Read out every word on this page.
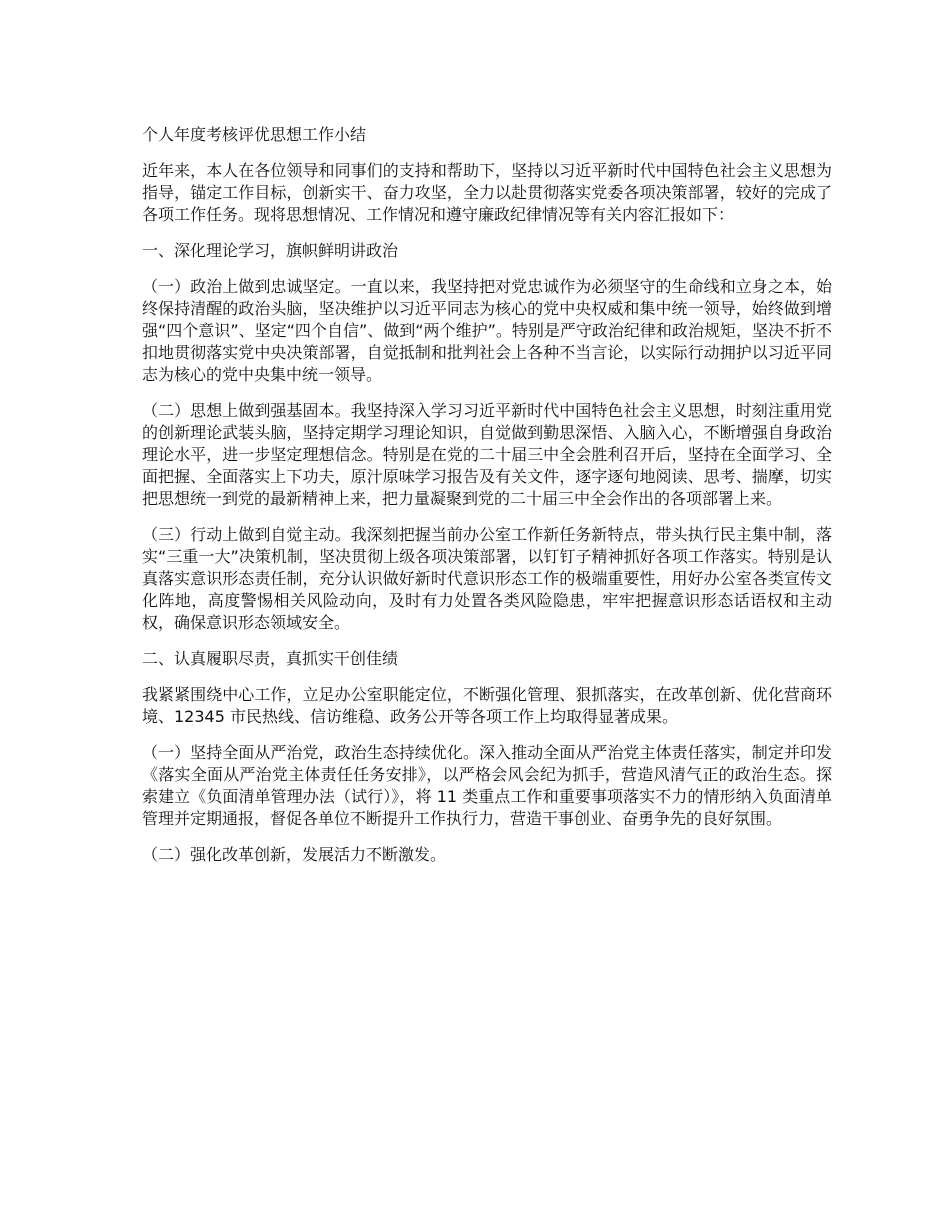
个人年度考核评优思想工作小结

近年来，本人在各位领导和同事们的支持和帮助下，坚持以习近平新时代中国特色社会主义思想为指导，锚定工作目标，创新实干、奋力攻坚，全力以赴贯彻落实党委各项决策部署，较好的完成了各项工作任务。现将思想情况、工作情况和遵守廉政纪律情况等有关内容汇报如下：

一、深化理论学习，旗帜鲜明讲政治

（一）政治上做到忠诚坚定。一直以来，我坚持把对党忠诚作为必须坚守的生命线和立身之本，始终保持清醒的政治头脑，坚决维护以习近平同志为核心的党中央权威和集中统一领导，始终做到增强“四个意识”、坚定“四个自信”、做到“两个维护”。特别是严守政治纪律和政治规矩，坚决不折不扣地贯彻落实党中央决策部署，自觉抵制和批判社会上各种不当言论，以实际行动拥护以习近平同志为核心的党中央集中统一领导。

（二）思想上做到强基固本。我坚持深入学习习近平新时代中国特色社会主义思想，时刻注重用党的创新理论武装头脑，坚持定期学习理论知识，自觉做到勤思深悟、入脑入心，不断增强自身政治理论水平，进一步坚定理想信念。特别是在党的二十届三中全会胜利召开后，坚持在全面学习、全面把握、全面落实上下功夫，原汁原味学习报告及有关文件，逐字逐句地阅读、思考、揣摩，切实把思想统一到党的最新精神上来，把力量凝聚到党的二十届三中全会作出的各项部署上来。

（三）行动上做到自觉主动。我深刻把握当前办公室工作新任务新特点，带头执行民主集中制，落实“三重一大”决策机制，坚决贯彻上级各项决策部署，以钉钉子精神抓好各项工作落实。特别是认真落实意识形态责任制，充分认识做好新时代意识形态工作的极端重要性，用好办公室各类宣传文化阵地，高度警惕相关风险动向，及时有力处置各类风险隐患，牢牢把握意识形态话语权和主动权，确保意识形态领域安全。

二、认真履职尽责，真抓实干创佳绩

我紧紧围绕中心工作，立足办公室职能定位，不断强化管理、狠抓落实，在改革创新、优化营商环境、12345 市民热线、信访维稳、政务公开等各项工作上均取得显著成果。

（一）坚持全面从严治党，政治生态持续优化。深入推动全面从严治党主体责任落实，制定并印发《落实全面从严治党主体责任任务安排》，以严格会风会纪为抓手，营造风清气正的政治生态。探索建立《负面清单管理办法（试行）》，将 11 类重点工作和重要事项落实不力的情形纳入负面清单管理并定期通报，督促各单位不断提升工作执行力，营造干事创业、奋勇争先的良好氛围。

（二）强化改革创新，发展活力不断激发。
